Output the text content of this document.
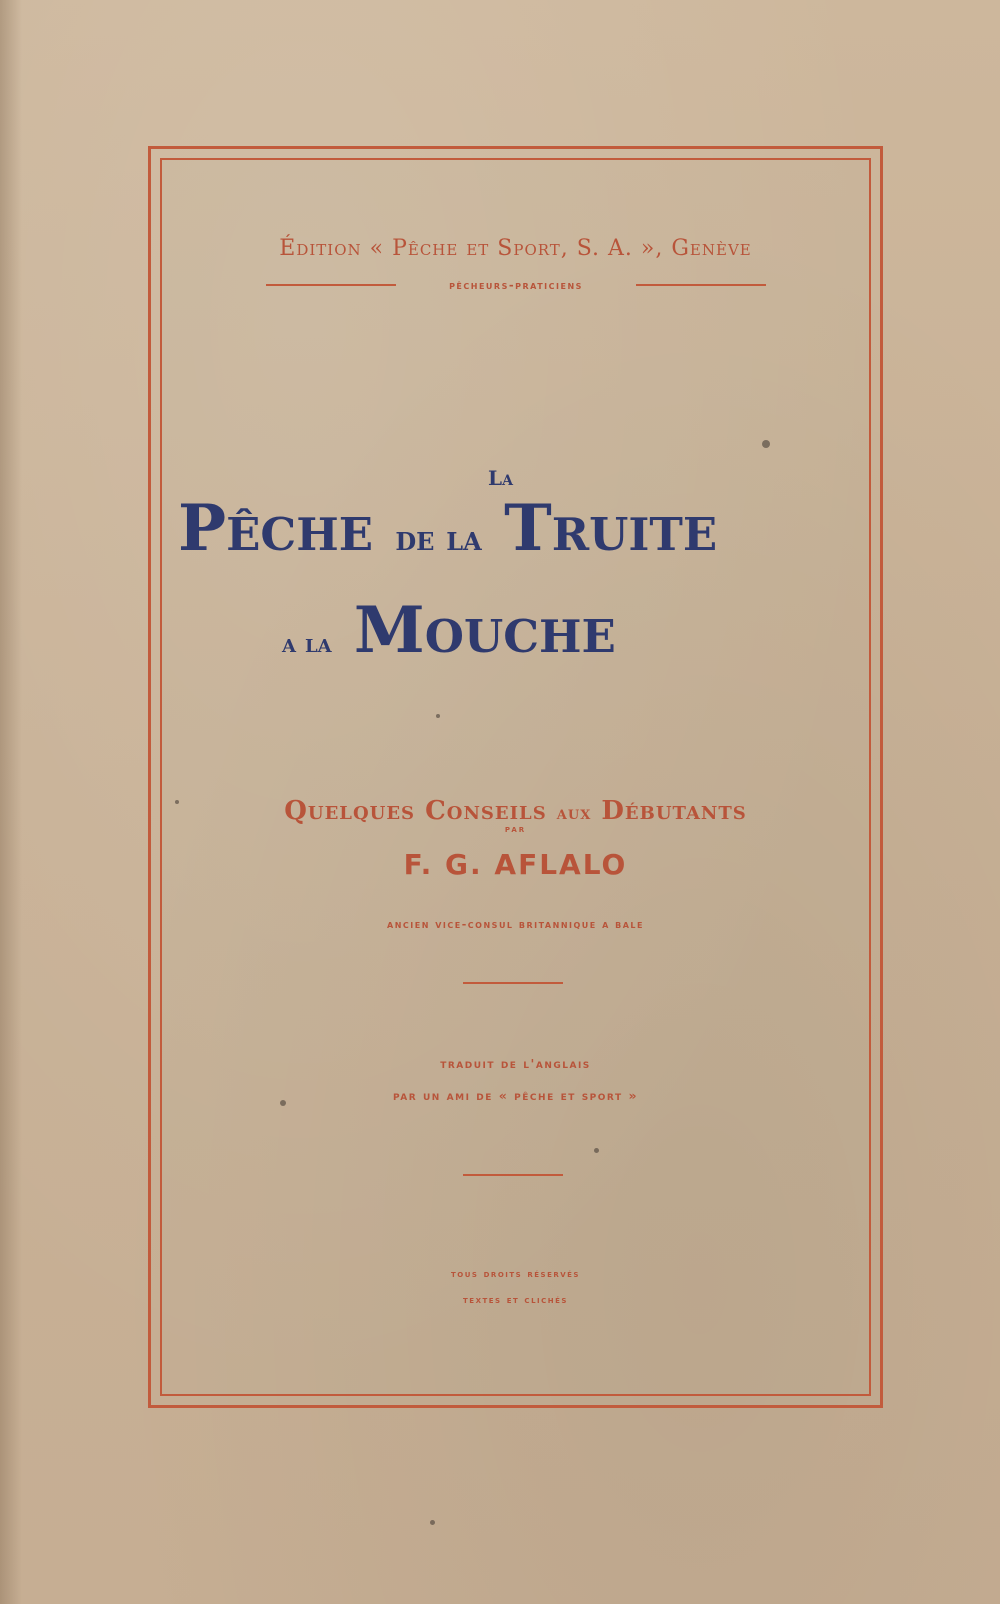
Édition « Pêche et Sport, S. A. », Genève
pêcheurs-praticiens
La
Pêche de la Truite
a la Mouche
Quelques Conseils aux Débutants
par
F. G. AFLALO
ancien vice-consul britannique a bale
traduit de l'anglais
par un ami de « pêche et sport »
tous droits réservés
textes et clichés
